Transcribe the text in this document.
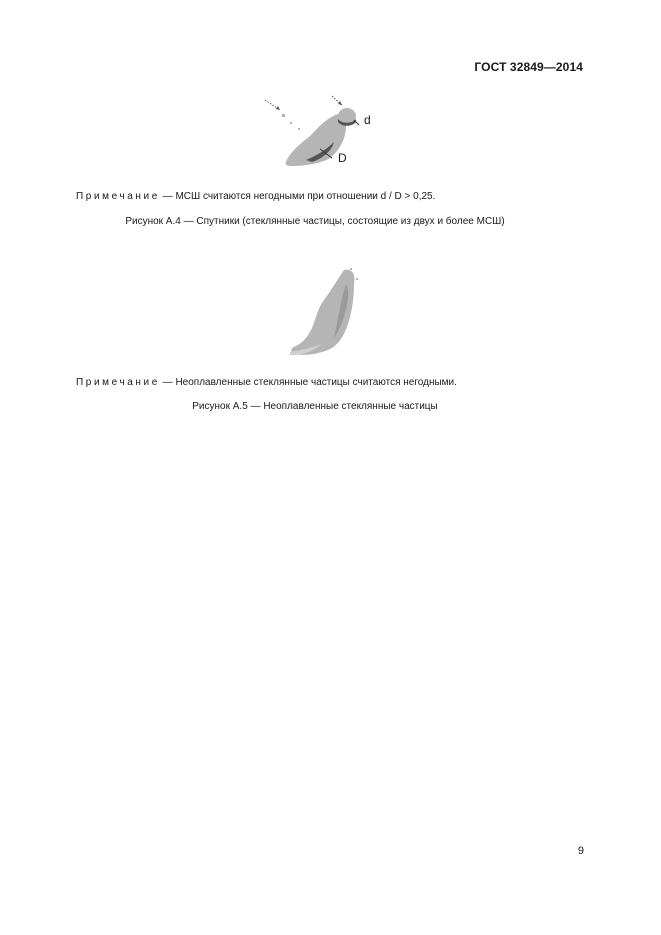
ГОСТ 32849—2014
d
D
Примечание — МСШ считаются негодными при отношении d / D > 0,25.
Рисунок А.4 — Спутники (стеклянные частицы, состоящие из двух и более МСШ)
Примечание — Неоплавленные стеклянные частицы считаются негодными.
Рисунок А.5 — Неоплавленные стеклянные частицы
9
